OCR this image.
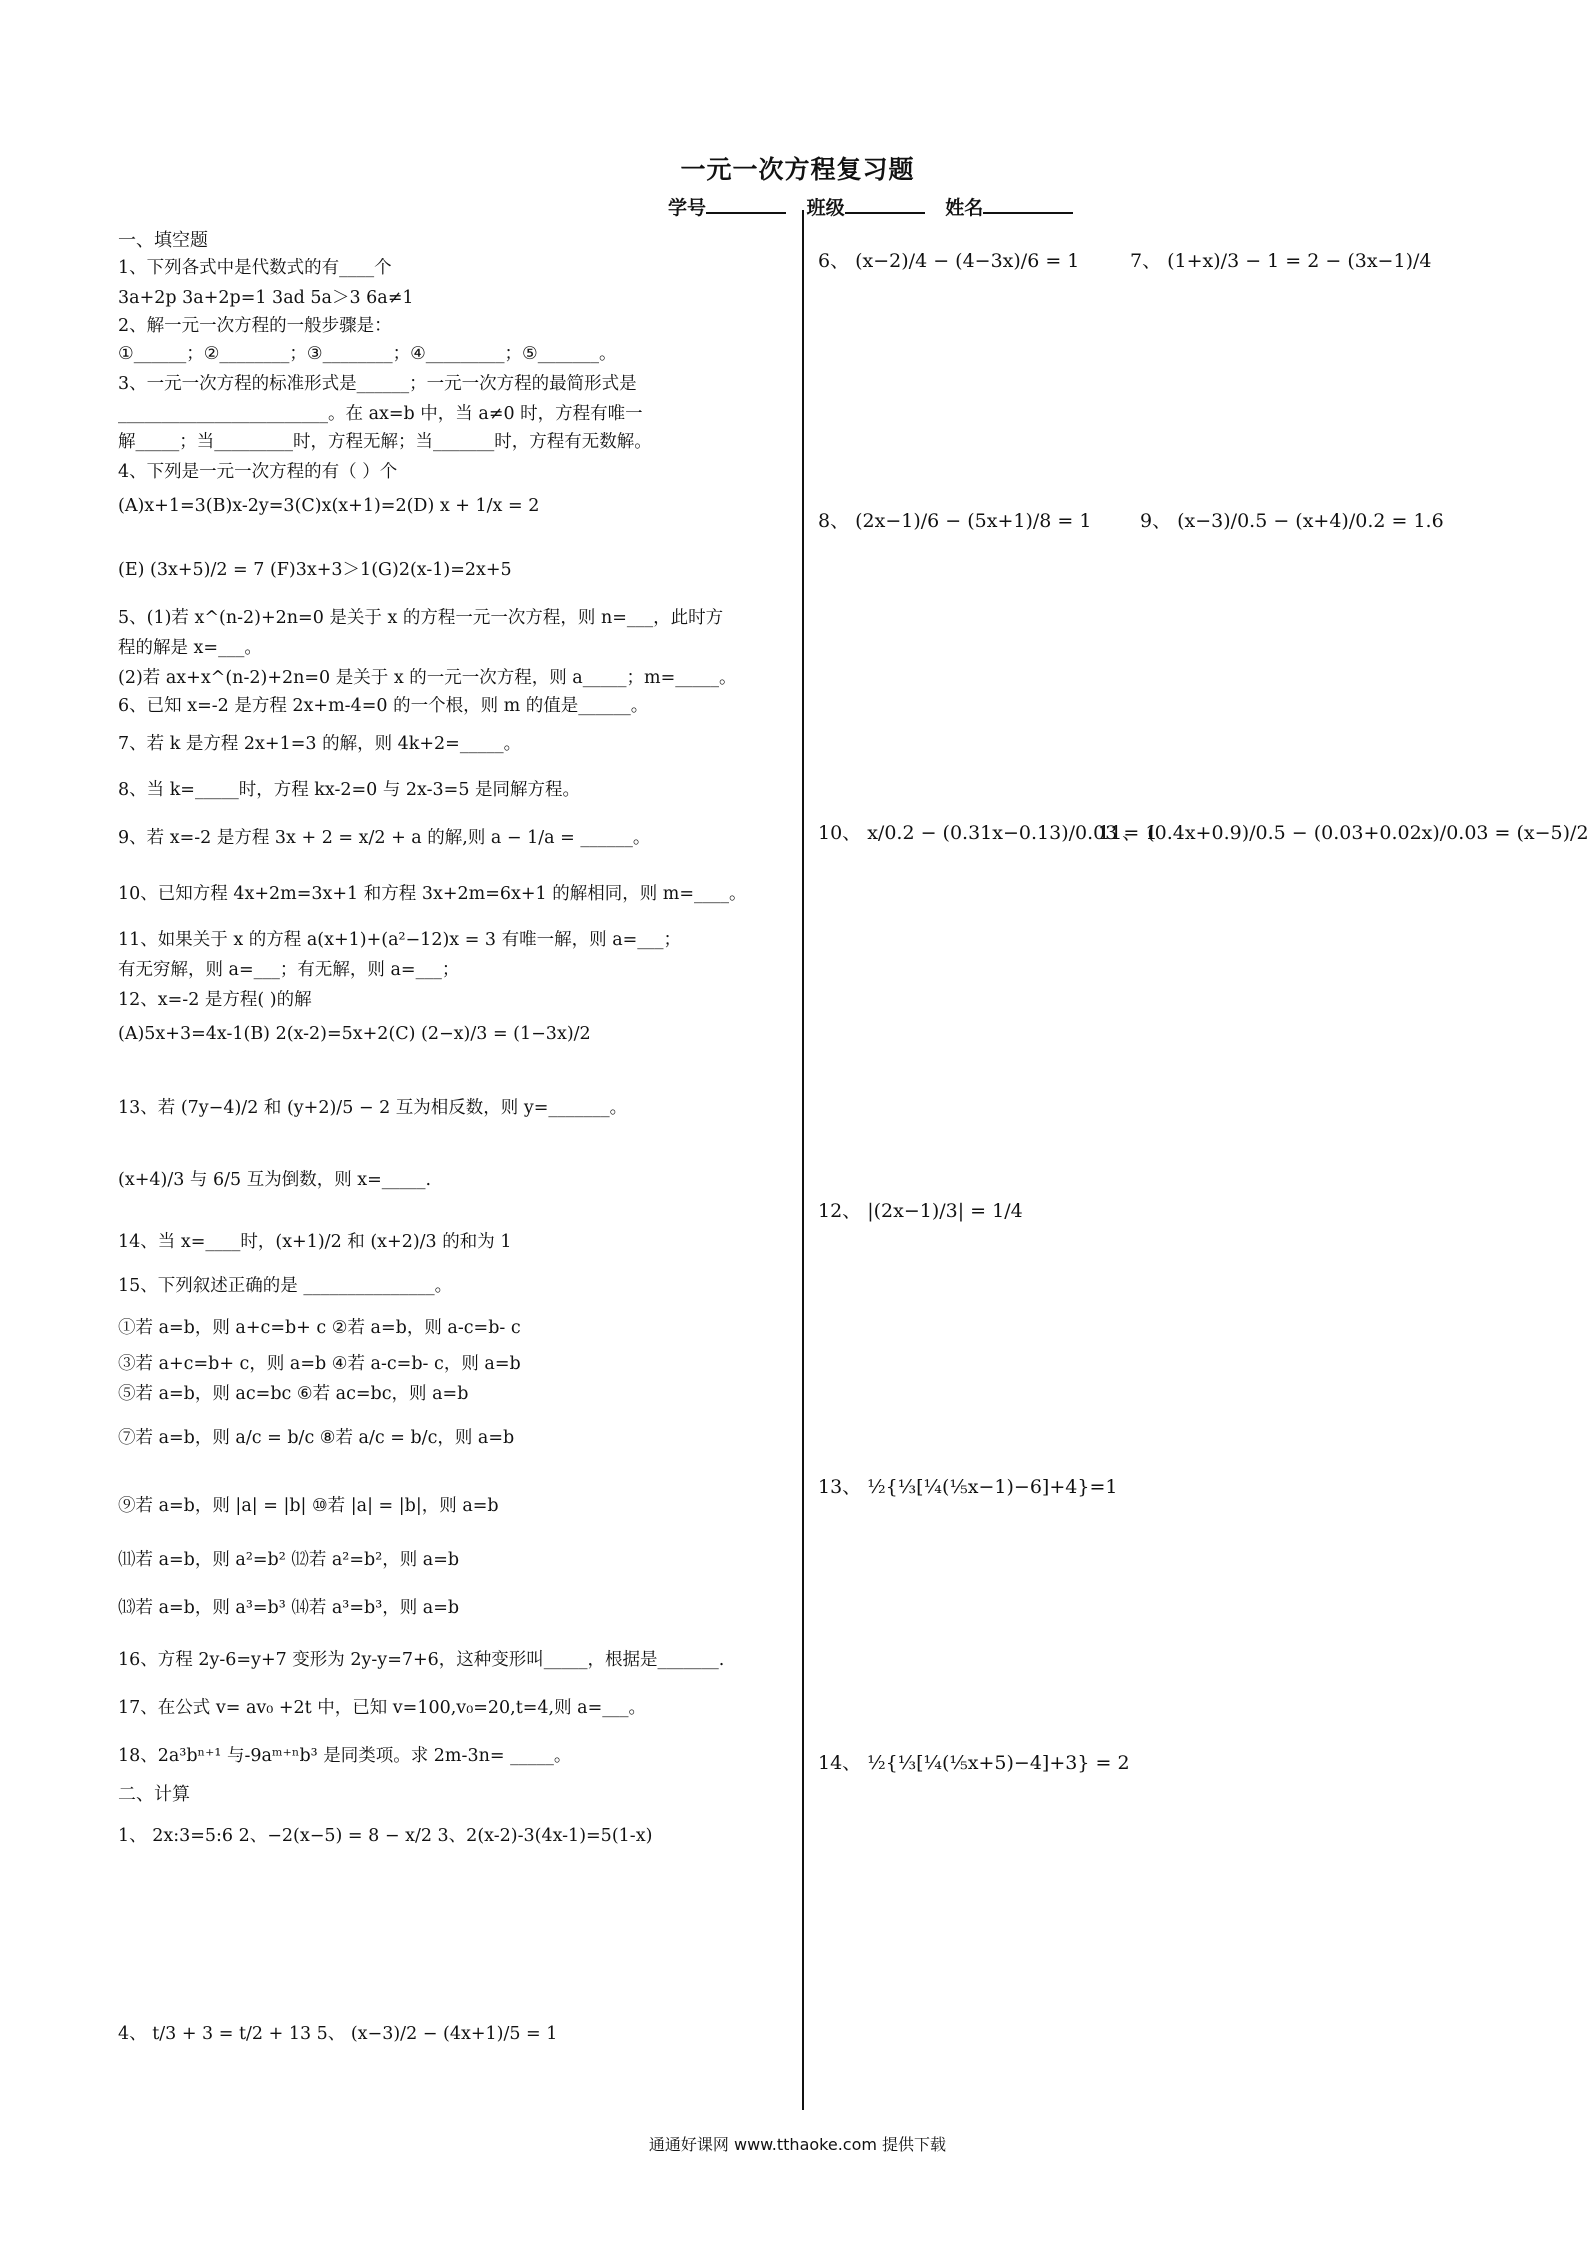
一元一次方程复习题
学号	班级	姓名
一、填空题
1、下列各式中是代数式的有____个
3a+2p 3a+2p=1 3ad 5a＞3 6a≠1
2、解一元一次方程的一般步骤是：
①______；②________；③________；④_________；⑤_______。
3、一元一次方程的标准形式是______；一元一次方程的最简形式是
________________________。在 ax=b 中，当 a≠0 时，方程有唯一
解_____；当_________时，方程无解；当_______时，方程有无数解。
4、下列是一元一次方程的有（ ）个
(A)x+1=3(B)x-2y=3(C)x(x+1)=2(D) x + 1/x = 2
(E) (3x+5)/2 = 7 (F)3x+3＞1(G)2(x-1)=2x+5
5、(1)若 x^(n-2)+2n=0 是关于 x 的方程一元一次方程，则 n=___，此时方
程的解是 x=___。
(2)若 ax+x^(n-2)+2n=0 是关于 x 的一元一次方程，则 a_____；m=_____。
6、已知 x=-2 是方程 2x+m-4=0 的一个根，则 m 的值是______。
7、若 k 是方程 2x+1=3 的解，则 4k+2=_____。
8、当 k=_____时，方程 kx-2=0 与 2x-3=5 是同解方程。
9、若 x=-2 是方程 3x + 2 = x/2 + a 的解,则 a − 1/a = ______。
10、已知方程 4x+2m=3x+1 和方程 3x+2m=6x+1 的解相同，则 m=____。
11、如果关于 x 的方程 a(x+1)+(a²−12)x = 3 有唯一解，则 a=___；
有无穷解，则 a=___；有无解，则 a=___；
12、x=-2 是方程( )的解
(A)5x+3=4x-1(B) 2(x-2)=5x+2(C) (2−x)/3 = (1−3x)/2
13、若 (7y−4)/2 和 (y+2)/5 − 2 互为相反数，则 y=_______。
(x+4)/3 与 6/5 互为倒数，则 x=_____.
14、当 x=____时，(x+1)/2 和 (x+2)/3 的和为 1
15、下列叙述正确的是 _______________。
①若 a=b，则 a+c=b+ c ②若 a=b，则 a-c=b- c
③若 a+c=b+ c，则 a=b ④若 a-c=b- c，则 a=b
⑤若 a=b，则 ac=bc ⑥若 ac=bc，则 a=b
⑦若 a=b，则 a/c = b/c ⑧若 a/c = b/c，则 a=b
⑨若 a=b，则 |a| = |b| ⑩若 |a| = |b|，则 a=b
⑾若 a=b，则 a²=b² ⑿若 a²=b²，则 a=b
⒀若 a=b，则 a³=b³ ⒁若 a³=b³，则 a=b
16、方程 2y-6=y+7 变形为 2y-y=7+6，这种变形叫_____，根据是_______.
17、在公式 v= av₀ +2t 中，已知 v=100,v₀=20,t=4,则 a=___。
18、2a³bⁿ⁺¹ 与-9aᵐ⁺ⁿb³ 是同类项。求 2m-3n= _____。
二、计算
1、 2x:3=5:6 2、−2(x−5) = 8 − x/2 3、2(x-2)-3(4x-1)=5(1-x)
4、 t/3 + 3 = t/2 + 13 5、 (x−3)/2 − (4x+1)/5 = 1
6、 (x−2)/4 − (4−3x)/6 = 1	7、 (1+x)/3 − 1 = 2 − (3x−1)/4
8、 (2x−1)/6 − (5x+1)/8 = 1	9、 (x−3)/0.5 − (x+4)/0.2 = 1.6
10、 x/0.2 − (0.31x−0.13)/0.03 = 1
11、 (0.4x+0.9)/0.5 − (0.03+0.02x)/0.03 = (x−5)/2
12、 |(2x−1)/3| = 1/4
13、 ½{⅓[¼(⅕x−1)−6]+4}=1
14、 ½{⅓[¼(⅕x+5)−4]+3} = 2
通通好课网 www.tthaoke.com 提供下载
